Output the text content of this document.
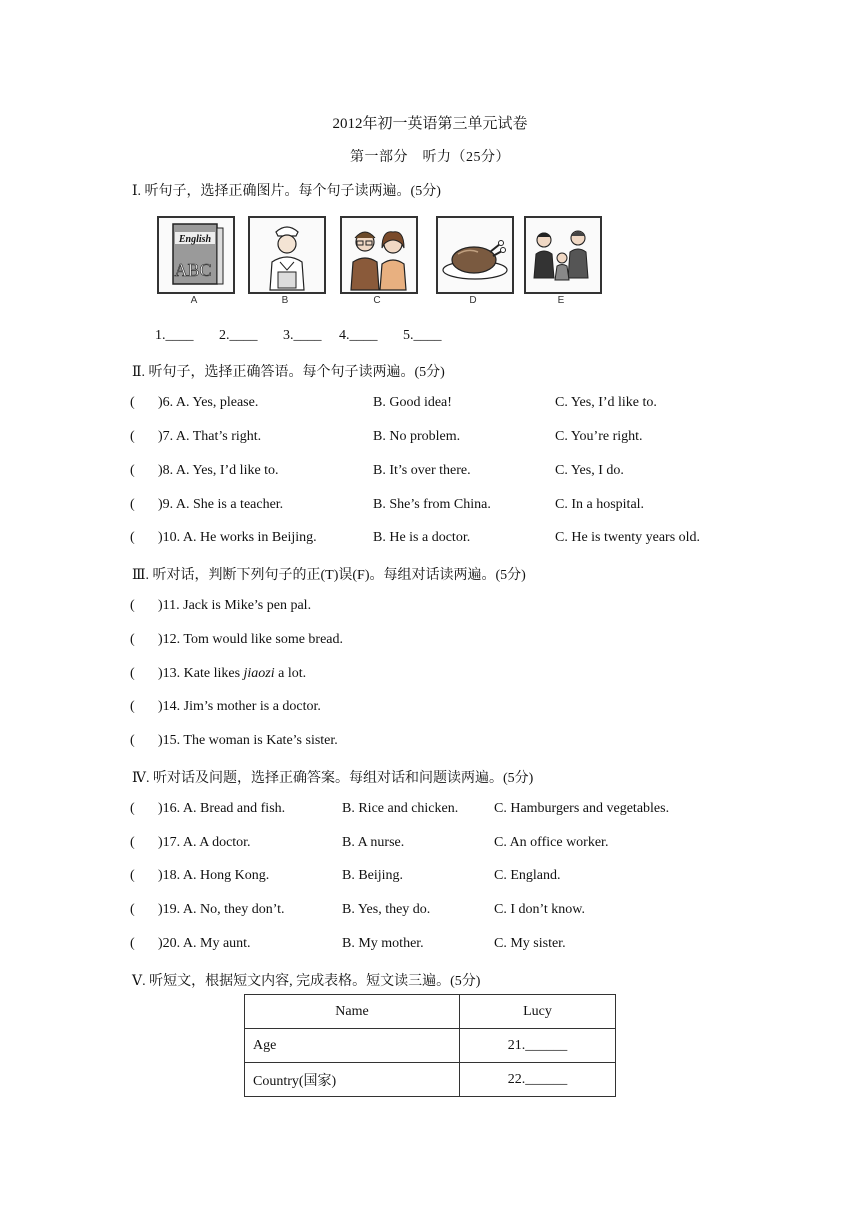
2012年初一英语第三单元试卷
第一部分　听力（25分）
Ⅰ. 听句子，选择正确图片。每个句子读两遍。(5分)
English
ABC
A	B	C	D	E
1.____ 2.____ 3.____ 4.____ 5.____
Ⅱ. 听句子，选择正确答语。每个句子读两遍。(5分)
( )6. A. Yes, please.	B. Good idea!	C. Yes, I’d like to.
( )7. A. That’s right.	B. No problem.	C. You’re right.
( )8. A. Yes, I’d like to.	B. It’s over there.	C. Yes, I do.
( )9. A. She is a teacher.	B. She’s from China.	C. In a hospital.
( )10. A. He works in Beijing.	B. He is a doctor.	C. He is twenty years old.
Ⅲ. 听对话，判断下列句子的正(T)误(F)。每组对话读两遍。(5分)
( )11. Jack is Mike’s pen pal.
( )12. Tom would like some bread.
( )13. Kate likes jiaozi a lot.
( )14. Jim’s mother is a doctor.
( )15. The woman is Kate’s sister.
Ⅳ. 听对话及问题，选择正确答案。每组对话和问题读两遍。(5分)
( )16. A. Bread and fish.	B. Rice and chicken.	C. Hamburgers and vegetables.
( )17. A. A doctor.	B. A nurse.	C. An office worker.
( )18. A. Hong Kong.	B. Beijing.	C. England.
( )19. A. No, they don’t.	B. Yes, they do.	C. I don’t know.
( )20. A. My aunt.	B. My mother.	C. My sister.
Ⅴ. 听短文，根据短文内容, 完成表格。短文读三遍。(5分)
Name	Lucy
Age	21.______
Country(国家)	22.______
